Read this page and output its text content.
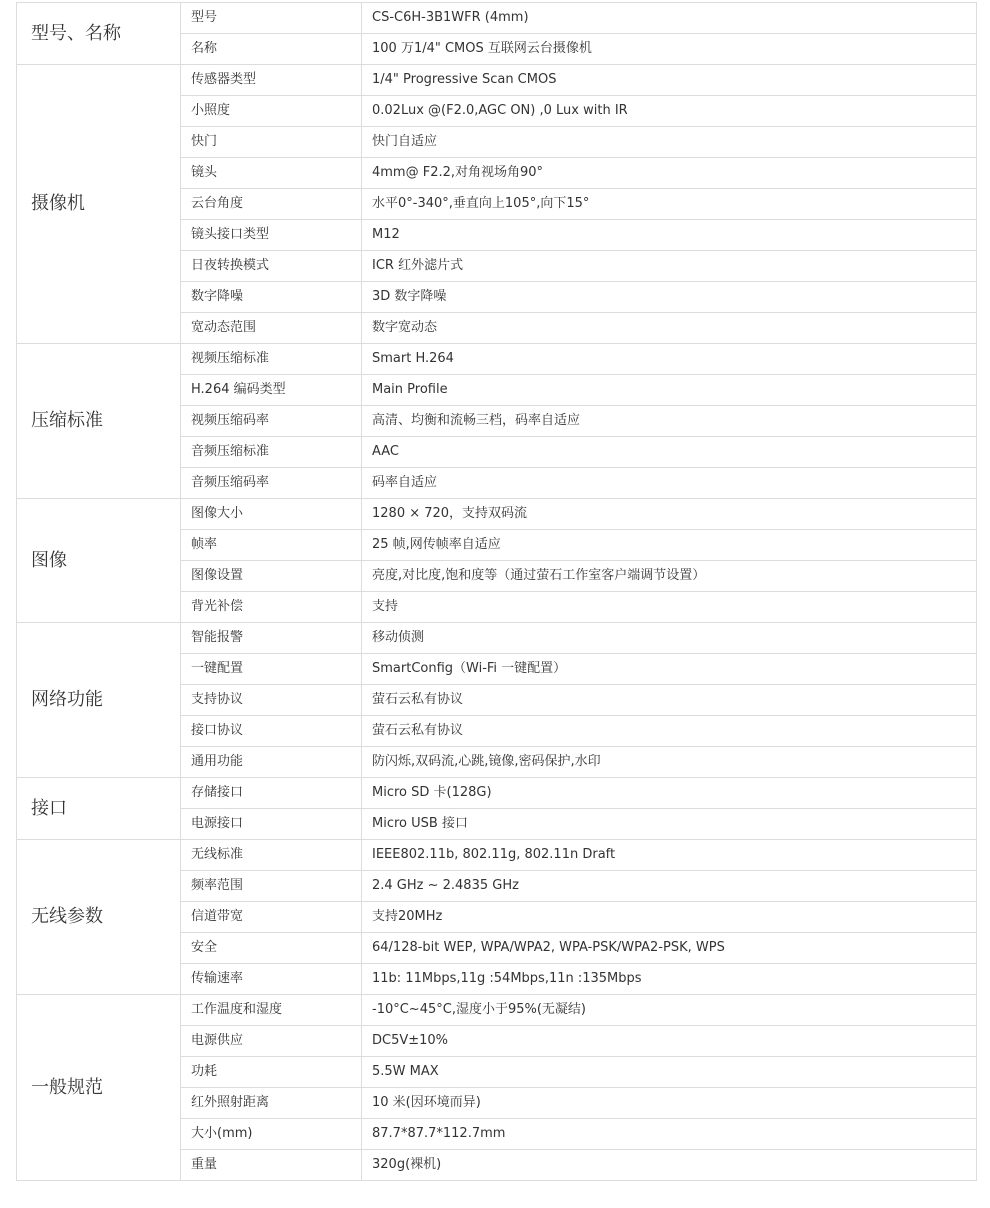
型号、名称	型号	CS-C6H-3B1WFR (4mm)
	名称	100 万1/4" CMOS 互联网云台摄像机
摄像机	传感器类型	1/4" Progressive Scan CMOS
	小照度	0.02Lux @(F2.0,AGC ON) ,0 Lux with IR
	快门	快门自适应
	镜头	4mm@ F2.2,对角视场角90°
	云台角度	水平0°-340°,垂直向上105°,向下15°
	镜头接口类型	M12
	日夜转换模式	ICR 红外滤片式
	数字降噪	3D 数字降噪
	宽动态范围	数字宽动态
压缩标准	视频压缩标准	Smart H.264
	H.264 编码类型	Main Profile
	视频压缩码率	高清、均衡和流畅三档，码率自适应
	音频压缩标准	AAC
	音频压缩码率	码率自适应
图像	图像大小	1280 × 720，支持双码流
	帧率	25 帧,网传帧率自适应
	图像设置	亮度,对比度,饱和度等（通过萤石工作室客户端调节设置）
	背光补偿	支持
网络功能	智能报警	移动侦测
	一键配置	SmartConfig（Wi-Fi 一键配置）
	支持协议	萤石云私有协议
	接口协议	萤石云私有协议
	通用功能	防闪烁,双码流,心跳,镜像,密码保护,水印
接口	存储接口	Micro SD 卡(128G)
	电源接口	Micro USB 接口
无线参数	无线标准	IEEE802.11b, 802.11g, 802.11n Draft
	频率范围	2.4 GHz ~ 2.4835 GHz
	信道带宽	支持20MHz
	安全	64/128-bit WEP, WPA/WPA2, WPA-PSK/WPA2-PSK, WPS
	传输速率	11b: 11Mbps,11g :54Mbps,11n :135Mbps
一般规范	工作温度和湿度	-10°C~45°C,湿度小于95%(无凝结)
	电源供应	DC5V±10%
	功耗	5.5W MAX
	红外照射距离	10 米(因环境而异)
	大小(mm)	87.7*87.7*112.7mm
	重量	320g(裸机)
